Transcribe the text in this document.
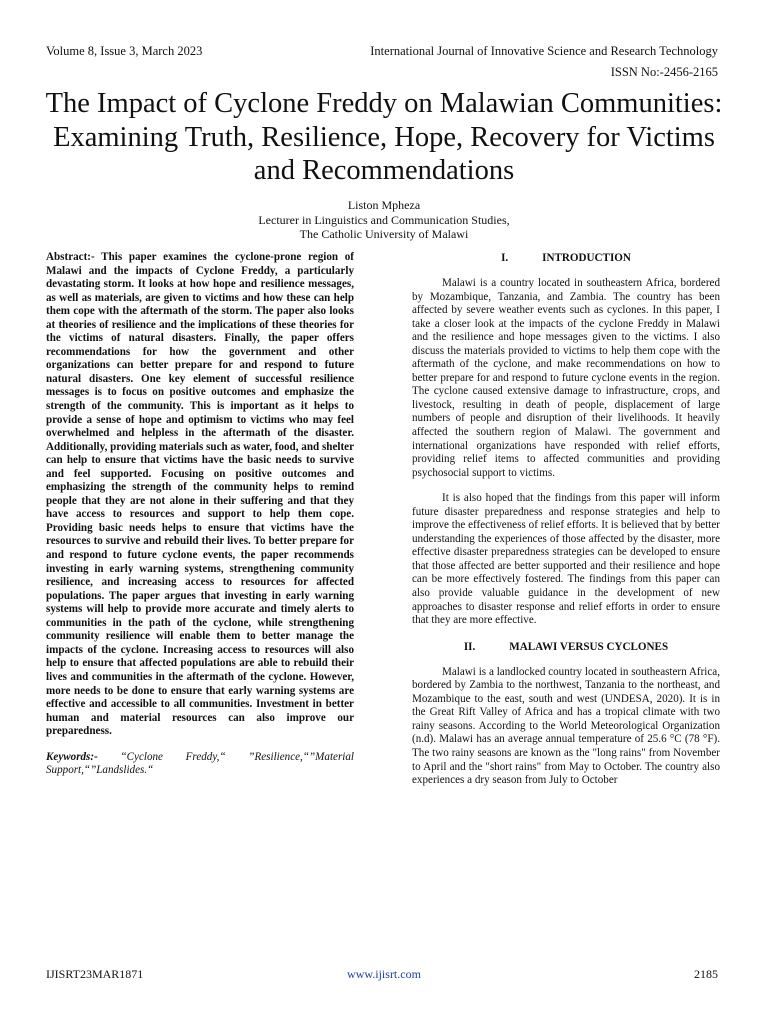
Volume 8, Issue 3, March 2023	International Journal of Innovative Science and Research Technology
ISSN No:-2456-2165
The Impact of Cyclone Freddy on Malawian Communities: Examining Truth, Resilience, Hope, Recovery for Victims and Recommendations
Liston Mpheza
Lecturer in Linguistics and Communication Studies,
The Catholic University of Malawi

Abstract:- This paper examines the cyclone-prone region of Malawi and the impacts of Cyclone Freddy, a particularly devastating storm. It looks at how hope and resilience messages, as well as materials, are given to victims and how these can help them cope with the aftermath of the storm. The paper also looks at theories of resilience and the implications of these theories for the victims of natural disasters. Finally, the paper offers recommendations for how the government and other organizations can better prepare for and respond to future natural disasters. One key element of successful resilience messages is to focus on positive outcomes and emphasize the strength of the community. This is important as it helps to provide a sense of hope and optimism to victims who may feel overwhelmed and helpless in the aftermath of the disaster. Additionally, providing materials such as water, food, and shelter can help to ensure that victims have the basic needs to survive and feel supported. Focusing on positive outcomes and emphasizing the strength of the community helps to remind people that they are not alone in their suffering and that they have access to resources and support to help them cope. Providing basic needs helps to ensure that victims have the resources to survive and rebuild their lives. To better prepare for and respond to future cyclone events, the paper recommends investing in early warning systems, strengthening community resilience, and increasing access to resources for affected populations. The paper argues that investing in early warning systems will help to provide more accurate and timely alerts to communities in the path of the cyclone, while strengthening community resilience will enable them to better manage the impacts of the cyclone. Increasing access to resources will also help to ensure that affected populations are able to rebuild their lives and communities in the aftermath of the cyclone. However, more needs to be done to ensure that early warning systems are effective and accessible to all communities. Investment in better human and material resources can also improve our preparedness.

Keywords:- “Cyclone Freddy,“ ”Resilience,“”Material Support,“”Landslides.“

I.	INTRODUCTION

Malawi is a country located in southeastern Africa, bordered by Mozambique, Tanzania, and Zambia. The country has been affected by severe weather events such as cyclones. In this paper, I take a closer look at the impacts of the cyclone Freddy in Malawi and the resilience and hope messages given to the victims. I also discuss the materials provided to victims to help them cope with the aftermath of the cyclone, and make recommendations on how to better prepare for and respond to future cyclone events in the region. The cyclone caused extensive damage to infrastructure, crops, and livestock, resulting in death of people, displacement of large numbers of people and disruption of their livelihoods. It heavily affected the southern region of Malawi. The government and international organizations have responded with relief efforts, providing relief items to affected communities and providing psychosocial support to victims.

It is also hoped that the findings from this paper will inform future disaster preparedness and response strategies and help to improve the effectiveness of relief efforts. It is believed that by better understanding the experiences of those affected by the disaster, more effective disaster preparedness strategies can be developed to ensure that those affected are better supported and their resilience and hope can be more effectively fostered. The findings from this paper can also provide valuable guidance in the development of new approaches to disaster response and relief efforts in order to ensure that they are more effective.

II.	MALAWI VERSUS CYCLONES

Malawi is a landlocked country located in southeastern Africa, bordered by Zambia to the northwest, Tanzania to the northeast, and Mozambique to the east, south and west (UNDESA, 2020). It is in the Great Rift Valley of Africa and has a tropical climate with two rainy seasons. According to the World Meteorological Organization (n.d). Malawi has an average annual temperature of 25.6 °C (78 °F). The two rainy seasons are known as the "long rains" from November to April and the "short rains" from May to October. The country also experiences a dry season from July to October

IJISRT23MAR1871	www.ijisrt.com	2185
